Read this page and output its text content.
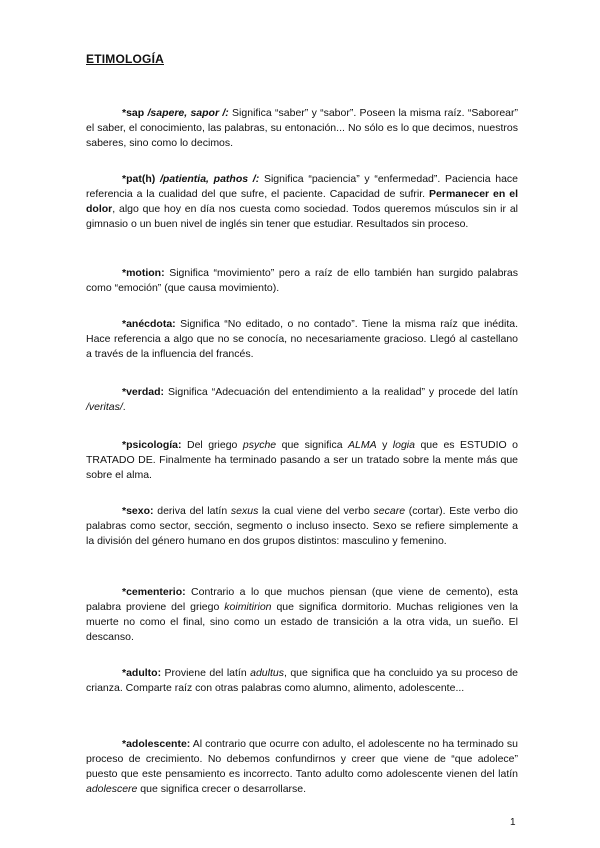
ETIMOLOGÍA

*sap /sapere, sapor /: Significa “saber” y “sabor”. Poseen la misma raíz. “Saborear” el saber, el conocimiento, las palabras, su entonación... No sólo es lo que decimos, nuestros saberes, sino como lo decimos.

*pat(h) /patientia, pathos /: Significa “paciencia” y “enfermedad”. Paciencia hace referencia a la cualidad del que sufre, el paciente. Capacidad de sufrir. Permanecer en el dolor, algo que hoy en día nos cuesta como sociedad. Todos queremos músculos sin ir al gimnasio o un buen nivel de inglés sin tener que estudiar. Resultados sin proceso.

*motion: Significa “movimiento” pero a raíz de ello también han surgido palabras como “emoción” (que causa movimiento).

*anécdota: Significa “No editado, o no contado”. Tiene la misma raíz que inédita. Hace referencia a algo que no se conocía, no necesariamente gracioso. Llegó al castellano a través de la influencia del francés.

*verdad: Significa “Adecuación del entendimiento a la realidad” y procede del latín /veritas/.

*psicología: Del griego psyche que significa ALMA y logia que es ESTUDIO o TRATADO DE. Finalmente ha terminado pasando a ser un tratado sobre la mente más que sobre el alma.

*sexo: deriva del latín sexus la cual viene del verbo secare (cortar). Este verbo dio palabras como sector, sección, segmento o incluso insecto. Sexo se refiere simplemente a la división del género humano en dos grupos distintos: masculino y femenino.

*cementerio: Contrario a lo que muchos piensan (que viene de cemento), esta palabra proviene del griego koimitirion que significa dormitorio. Muchas religiones ven la muerte no como el final, sino como un estado de transición a la otra vida, un sueño. El descanso.

*adulto: Proviene del latín adultus, que significa que ha concluido ya su proceso de crianza. Comparte raíz con otras palabras como alumno, alimento, adolescente...

*adolescente: Al contrario que ocurre con adulto, el adolescente no ha terminado su proceso de crecimiento. No debemos confundirnos y creer que viene de “que adolece” puesto que este pensamiento es incorrecto. Tanto adulto como adolescente vienen del latín adolescere que significa crecer o desarrollarse.

1
